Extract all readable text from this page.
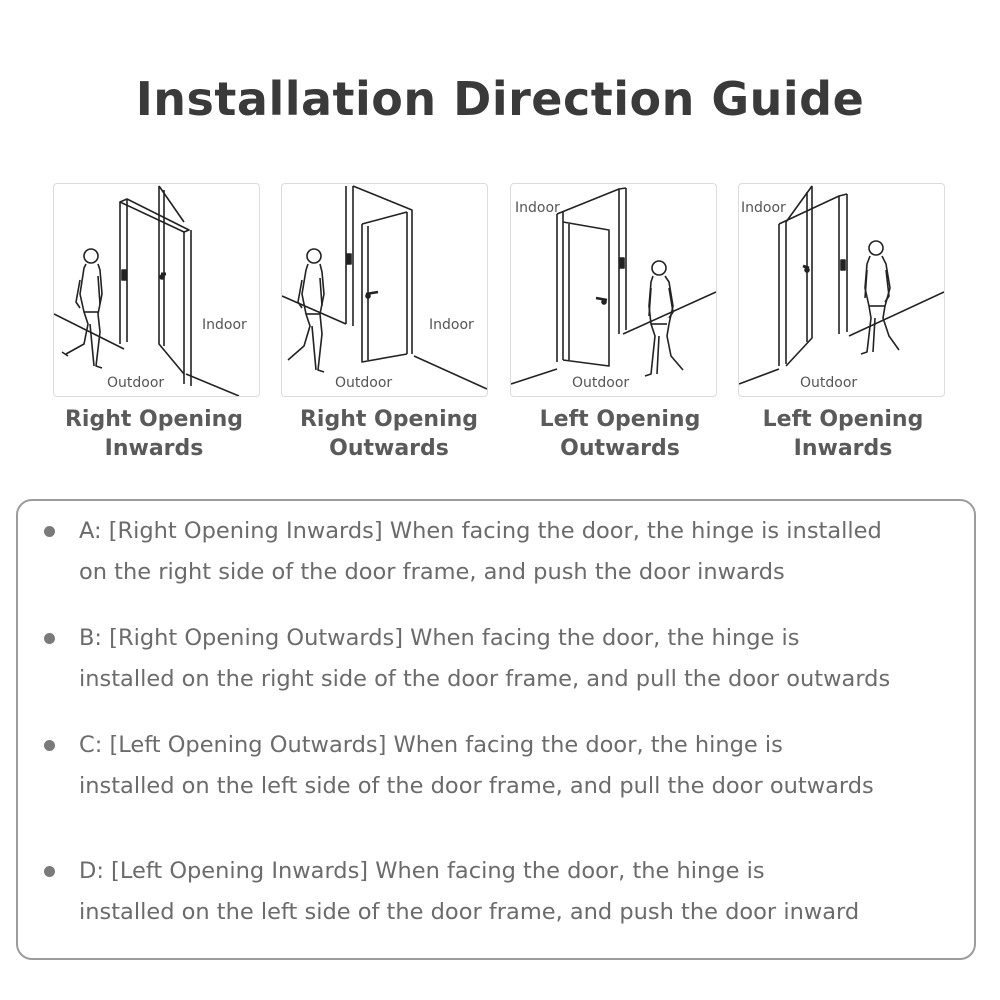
Installation Direction Guide
Indoor
Outdoor
Indoor
Outdoor
Indoor
Outdoor
Indoor
Outdoor
Right Opening
Inwards
Right Opening
Outwards
Left Opening
Outwards
Left Opening
Inwards

A: [Right Opening Inwards] When facing the door, the hinge is installed
on the right side of the door frame, and push the door inwards

B: [Right Opening Outwards] When facing the door, the hinge is
installed on the right side of the door frame, and pull the door outwards

C: [Left Opening Outwards] When facing the door, the hinge is
installed on the left side of the door frame, and pull the door outwards

D: [Left Opening Inwards] When facing the door, the hinge is
installed on the left side of the door frame, and push the door inward
